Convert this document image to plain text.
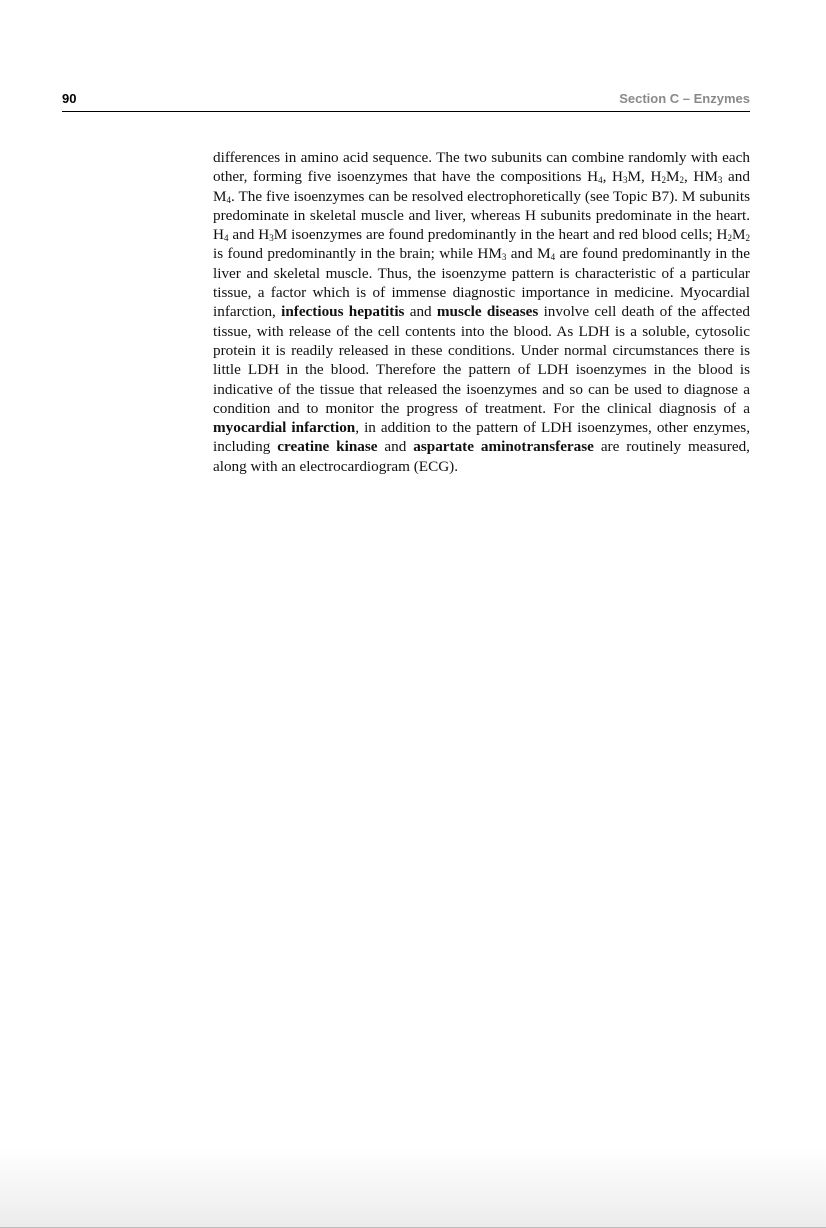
90	Section C – Enzymes
differences in amino acid sequence. The two subunits can combine randomly with each other, forming five isoenzymes that have the compositions $H_4$, $H_3M$, $H_2M_2$, $HM_3$ and $M_4$. The five isoenzymes can be resolved electrophoretically (see Topic B7). M subunits predominate in skeletal muscle and liver, whereas H subunits predominate in the heart. $H_4$ and $H_3M$ isoenzymes are found predominantly in the heart and red blood cells; $H_2M_2$ is found predominantly in the brain; while $HM_3$ and $M_4$ are found predominantly in the liver and skeletal muscle. Thus, the isoenzyme pattern is characteristic of a particular tissue, a factor which is of immense diagnostic importance in medicine. Myocardial infarction, infectious hepatitis and muscle diseases involve cell death of the affected tissue, with release of the cell contents into the blood. As LDH is a soluble, cytosolic protein it is readily released in these conditions. Under normal circumstances there is little LDH in the blood. Therefore the pattern of LDH isoenzymes in the blood is indicative of the tissue that released the isoenzymes and so can be used to diagnose a condition and to monitor the progress of treatment. For the clinical diagnosis of a myocardial infarction, in addition to the pattern of LDH isoenzymes, other enzymes, including creatine kinase and aspartate aminotransferase are routinely measured, along with an electrocardiogram (ECG).
